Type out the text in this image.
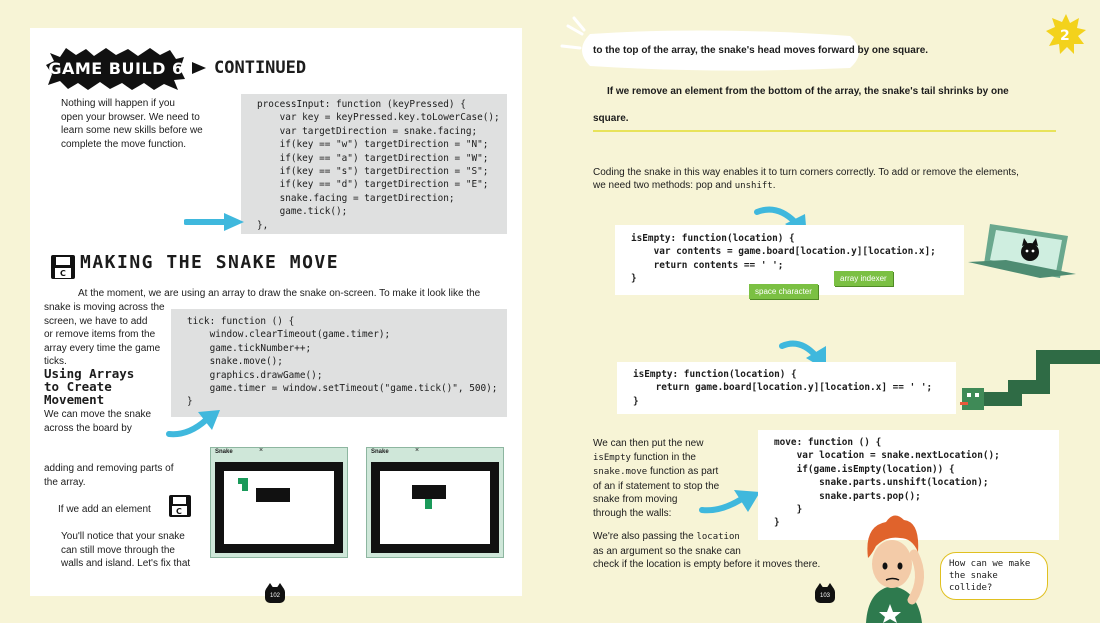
GAME BUILD 6 CONTINUED
Nothing will happen if you
open your browser. We need to
learn some new skills before we
complete the move function.
processInput: function (keyPressed) {
var key = keyPressed.key.toLowerCase();
var targetDirection = snake.facing;
if(key == "w") targetDirection = "N";
if(key == "a") targetDirection = "W";
if(key == "s") targetDirection = "S";
if(key == "d") targetDirection = "E";
snake.facing = targetDirection;
game.tick();
},
C
MAKING THE SNAKE MOVE
At the moment, we are using an array to draw the snake on-screen. To make it look like the
snake is moving across the
screen, we have to add
or remove items from the
array every time the game
ticks.
tick: function () {
window.clearTimeout(game.timer);
game.tickNumber++;
snake.move();
graphics.drawGame();
game.timer = window.setTimeout("game.tick()", 500);
}
Using Arrays
to Create
Movement
We can move the snake
across the board by
adding and removing parts of
the array.
If we add an element	C
You'll notice that your snake
can still move through the
walls and island. Let's fix that
Snake	×	Snake	×
102
to the top of the array, the snake's head moves forward by one square.
2
If we remove an element from the bottom of the array, the snake's tail shrinks by one
square.
Coding the snake in this way enables it to turn corners correctly. To add or remove the elements,
we need two methods: pop and unshift.
isEmpty: function(location) {
var contents = game.board[location.y][location.x];
return contents == ' ';
}
space character
array indexer
isEmpty: function(location) {
return game.board[location.y][location.x] == ' ';
}
We can then put the new
isEmpty function in the
snake.move function as part
of an if statement to stop the
snake from moving
through the walls:
move: function () {
var location = snake.nextLocation();
if(game.isEmpty(location)) {
snake.parts.unshift(location);
snake.parts.pop();
}
}
We're also passing the location
as an argument so the snake can
check if the location is empty before it moves there.	How can we make
the snake collide?
103
